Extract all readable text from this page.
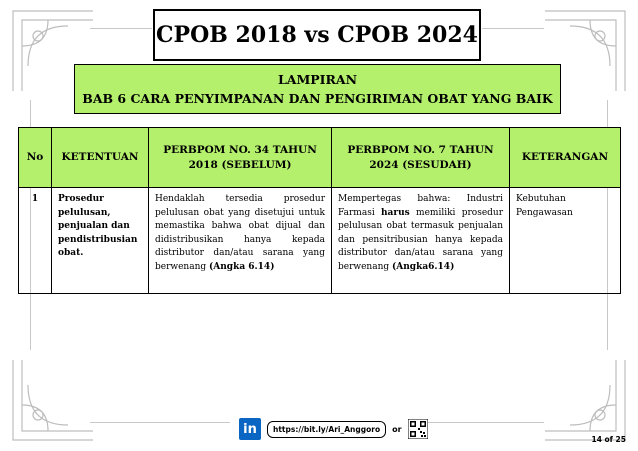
CPOB 2018 vs CPOB 2024
LAMPIRAN
BAB 6 CARA PENYIMPANAN DAN PENGIRIMAN OBAT YANG BAIK
No	KETENTUAN	PERBPOM NO. 34 TAHUN 2018 (SEBELUM)	PERBPOM NO. 7 TAHUN 2024 (SESUDAH)	KETERANGAN
1	Prosedur pelulusan, penjualan dan pendistribusian obat.	Hendaklah tersedia prosedur pelulusan obat yang disetujui untuk memastika bahwa obat dijual dan didistribusikan hanya kepada distributor dan/atau sarana yang berwenang (Angka 6.14)	Mempertegas bahwa: Industri Farmasi harus memiliki prosedur pelulusan obat termasuk penjualan dan pensitribusian hanya kepada distributor dan/atau sarana yang berwenang (Angka6.14)	Kebutuhan Pengawasan
in	https://bit.ly/Ari_Anggoro	or
14 of 25
